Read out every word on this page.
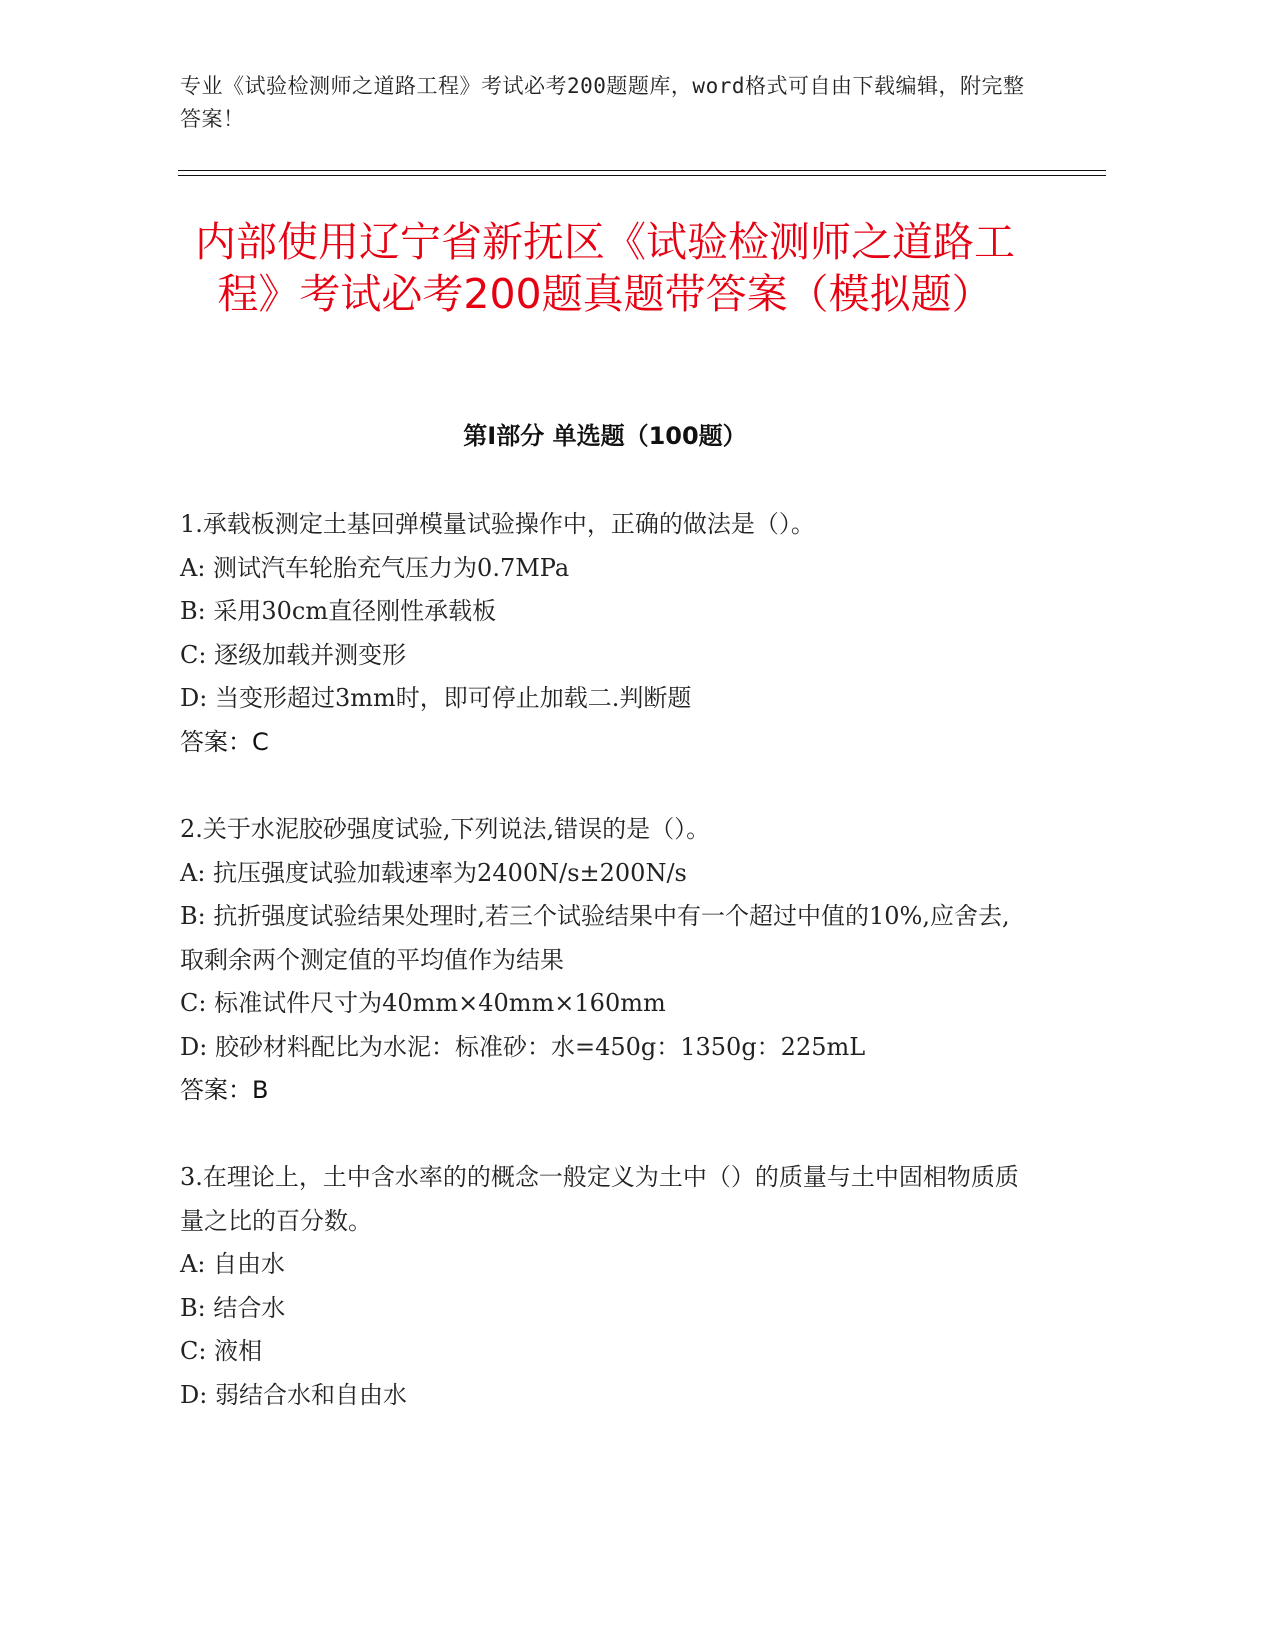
专业《试验检测师之道路工程》考试必考200题题库，word格式可自由下载编辑，附完整答案！
内部使用辽宁省新抚区《试验检测师之道路工程》考试必考200题真题带答案（模拟题）
第I部分 单选题（100题）
1.承载板测定土基回弹模量试验操作中，正确的做法是（）。
A: 测试汽车轮胎充气压力为0.7MPa
B: 采用30cm直径刚性承载板
C: 逐级加载并测变形
D: 当变形超过3mm时，即可停止加载二.判断题
答案：C
2.关于水泥胶砂强度试验,下列说法,错误的是（）。
A: 抗压强度试验加载速率为2400N/s±200N/s
B: 抗折强度试验结果处理时,若三个试验结果中有一个超过中值的10%,应舍去,取剩余两个测定值的平均值作为结果
C: 标准试件尺寸为40mm×40mm×160mm
D: 胶砂材料配比为水泥：标准砂：水=450g：1350g：225mL
答案：B
3.在理论上，土中含水率的的概念一般定义为土中（）的质量与土中固相物质质量之比的百分数。
A: 自由水
B: 结合水
C: 液相
D: 弱结合水和自由水
